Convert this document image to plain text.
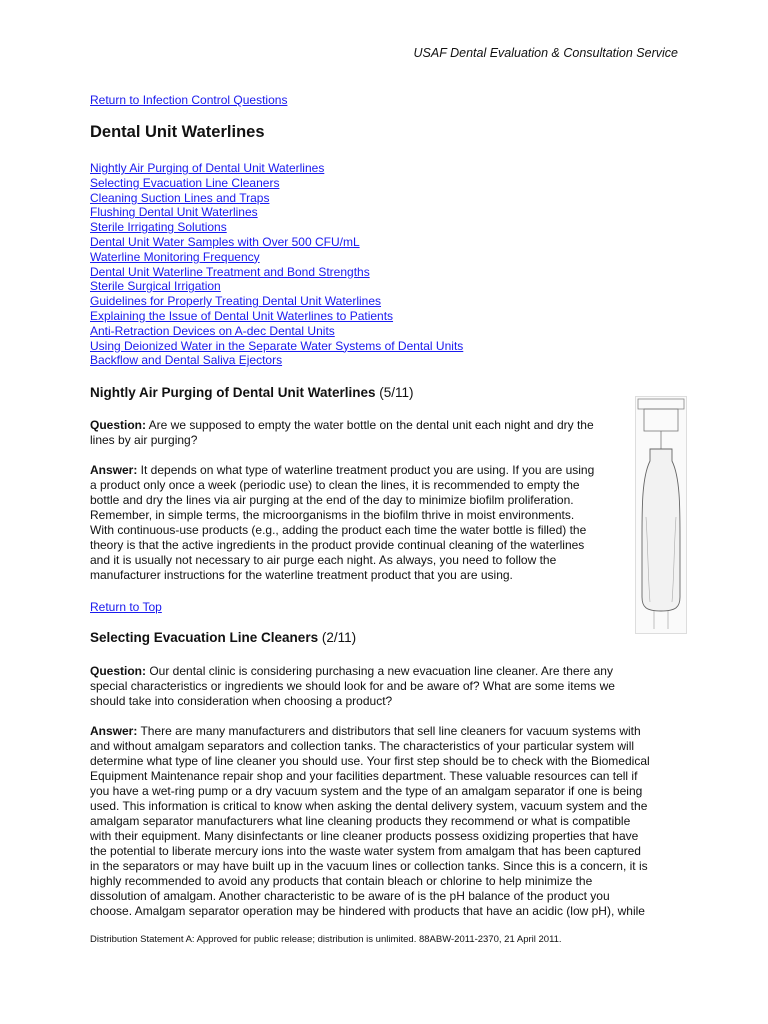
USAF Dental Evaluation & Consultation Service
Return to Infection Control Questions
Dental Unit Waterlines
Nightly Air Purging of Dental Unit Waterlines
Selecting Evacuation Line Cleaners
Cleaning Suction Lines and Traps
Flushing Dental Unit Waterlines
Sterile Irrigating Solutions
Dental Unit Water Samples with Over 500 CFU/mL
Waterline Monitoring Frequency
Dental Unit Waterline Treatment and Bond Strengths
Sterile Surgical Irrigation
Guidelines for Properly Treating Dental Unit Waterlines
Explaining the Issue of Dental Unit Waterlines to Patients
Anti-Retraction Devices on A-dec Dental Units
Using Deionized Water in the Separate Water Systems of Dental Units
Backflow and Dental Saliva Ejectors
Nightly Air Purging of Dental Unit Waterlines (5/11)

Question: Are we supposed to empty the water bottle on the dental unit each night and dry the
lines by air purging?

Answer: It depends on what type of waterline treatment product you are using. If you are using
a product only once a week (periodic use) to clean the lines, it is recommended to empty the
bottle and dry the lines via air purging at the end of the day to minimize biofilm proliferation.
Remember, in simple terms, the microorganisms in the biofilm thrive in moist environments.
With continuous-use products (e.g., adding the product each time the water bottle is filled) the
theory is that the active ingredients in the product provide continual cleaning of the waterlines
and it is usually not necessary to air purge each night. As always, you need to follow the
manufacturer instructions for the waterline treatment product that you are using.

Return to Top
Selecting Evacuation Line Cleaners (2/11)

Question: Our dental clinic is considering purchasing a new evacuation line cleaner. Are there any
special characteristics or ingredients we should look for and be aware of? What are some items we
should take into consideration when choosing a product?

Answer: There are many manufacturers and distributors that sell line cleaners for vacuum systems with
and without amalgam separators and collection tanks. The characteristics of your particular system will
determine what type of line cleaner you should use. Your first step should be to check with the Biomedical
Equipment Maintenance repair shop and your facilities department. These valuable resources can tell if
you have a wet-ring pump or a dry vacuum system and the type of an amalgam separator if one is being
used. This information is critical to know when asking the dental delivery system, vacuum system and the
amalgam separator manufacturers what line cleaning products they recommend or what is compatible
with their equipment. Many disinfectants or line cleaner products possess oxidizing properties that have
the potential to liberate mercury ions into the waste water system from amalgam that has been captured
in the separators or may have built up in the vacuum lines or collection tanks. Since this is a concern, it is
highly recommended to avoid any products that contain bleach or chlorine to help minimize the
dissolution of amalgam. Another characteristic to be aware of is the pH balance of the product you
choose. Amalgam separator operation may be hindered with products that have an acidic (low pH), while

Distribution Statement A: Approved for public release; distribution is unlimited. 88ABW-2011-2370, 21 April 2011.
